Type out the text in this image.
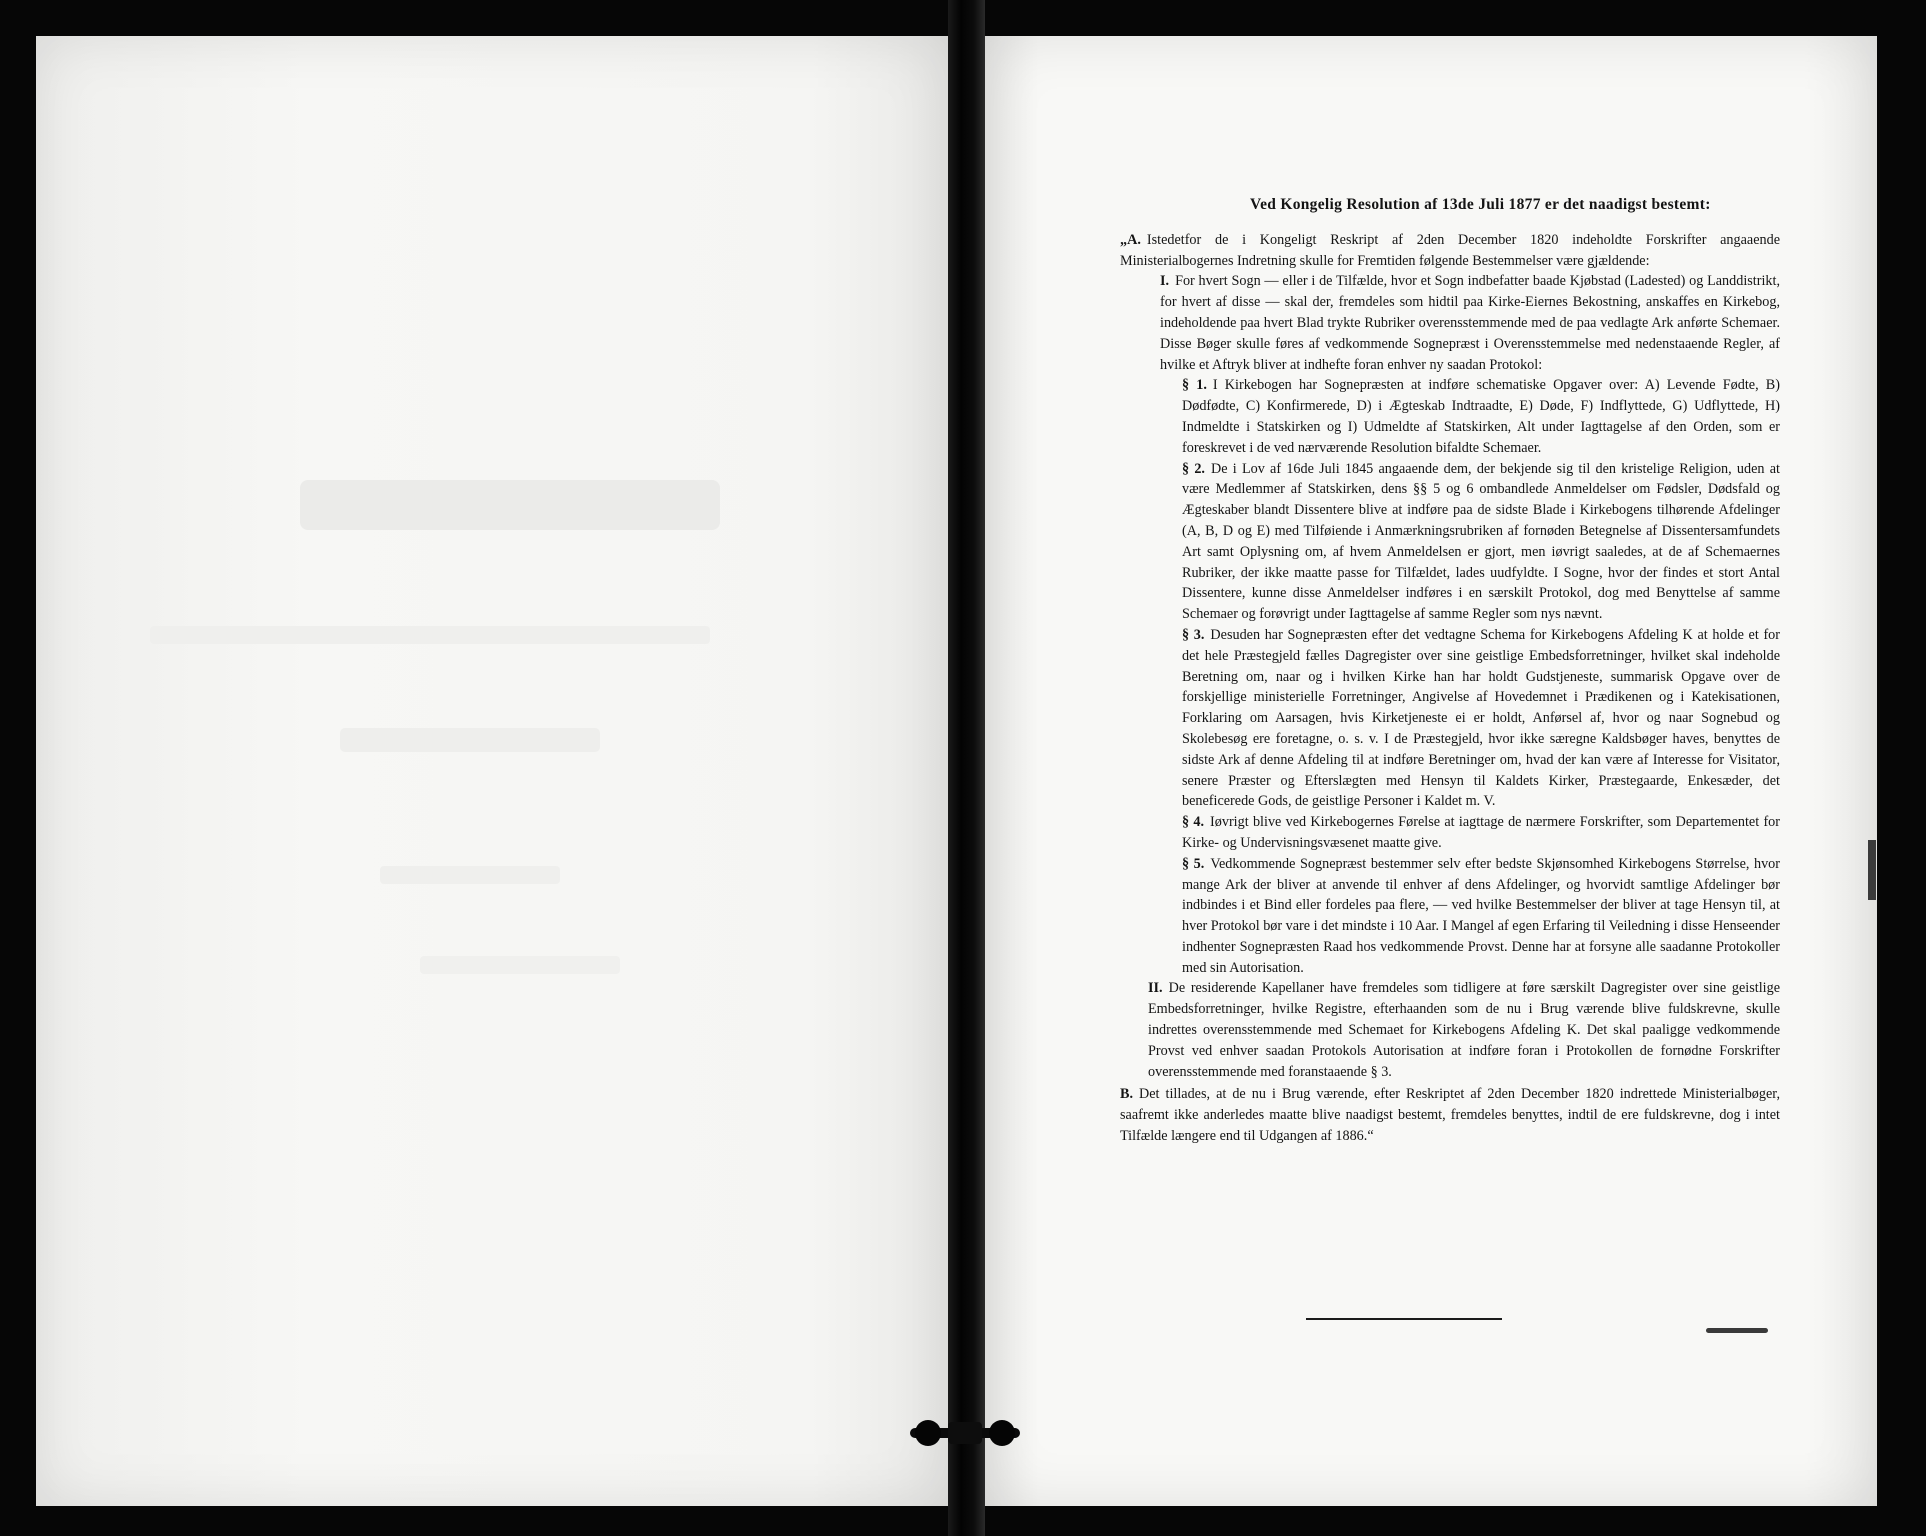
Ved Kongelig Resolution af 13de Juli 1877 er det naadigst bestemt:

„A. Istedetfor de i Kongeligt Reskript af 2den December 1820 indeholdte Forskrifter angaaende Ministerialbogernes Indretning skulle for Fremtiden følgende Bestemmelser være gjældende:

I. For hvert Sogn — eller i de Tilfælde, hvor et Sogn indbefatter baade Kjøbstad (Ladested) og Landdistrikt, for hvert af disse — skal der, fremdeles som hidtil paa Kirke-Eiernes Bekostning, anskaffes en Kirkebog, indeholdende paa hvert Blad trykte Rubriker overensstemmende med de paa vedlagte Ark anførte Schemaer. Disse Bøger skulle føres af vedkommende Sognepræst i Overensstemmelse med nedenstaaende Regler, af hvilke et Aftryk bliver at indhefte foran enhver ny saadan Protokol:

§ 1. I Kirkebogen har Sognepræsten at indføre schematiske Opgaver over: A) Levende Fødte, B) Dødfødte, C) Konfirmerede, D) i Ægteskab Indtraadte, E) Døde, F) Indflyttede, G) Udflyttede, H) Indmeldte i Statskirken og I) Udmeldte af Statskirken, Alt under Iagttagelse af den Orden, som er foreskrevet i de ved nærværende Resolution bifaldte Schemaer.

§ 2. De i Lov af 16de Juli 1845 angaaende dem, der bekjende sig til den kristelige Religion, uden at være Medlemmer af Statskirken, dens §§ 5 og 6 ombandlede Anmeldelser om Fødsler, Dødsfald og Ægteskaber blandt Dissentere blive at indføre paa de sidste Blade i Kirkebogens tilhørende Afdelinger (A, B, D og E) med Tilføiende i Anmærkningsrubriken af fornøden Betegnelse af Dissentersamfundets Art samt Oplysning om, af hvem Anmeldelsen er gjort, men iøvrigt saaledes, at de af Schemaernes Rubriker, der ikke maatte passe for Tilfældet, lades uudfyldte. I Sogne, hvor der findes et stort Antal Dissentere, kunne disse Anmeldelser indføres i en særskilt Protokol, dog med Benyttelse af samme Schemaer og forøvrigt under Iagttagelse af samme Regler som nys nævnt.

§ 3. Desuden har Sognepræsten efter det vedtagne Schema for Kirkebogens Afdeling K at holde et for det hele Præstegjeld fælles Dagregister over sine geistlige Embedsforretninger, hvilket skal indeholde Beretning om, naar og i hvilken Kirke han har holdt Gudstjeneste, summarisk Opgave over de forskjellige ministerielle Forretninger, Angivelse af Hovedemnet i Prædikenen og i Katekisationen, Forklaring om Aarsagen, hvis Kirketjeneste ei er holdt, Anførsel af, hvor og naar Sognebud og Skolebesøg ere foretagne, o. s. v. I de Præstegjeld, hvor ikke særegne Kaldsbøger haves, benyttes de sidste Ark af denne Afdeling til at indføre Beretninger om, hvad der kan være af Interesse for Visitator, senere Præster og Efterslægten med Hensyn til Kaldets Kirker, Præstegaarde, Enkesæder, det beneficerede Gods, de geistlige Personer i Kaldet m. V.

§ 4. Iøvrigt blive ved Kirkebogernes Førelse at iagttage de nærmere Forskrifter, som Departementet for Kirke- og Undervisningsvæsenet maatte give.

§ 5. Vedkommende Sognepræst bestemmer selv efter bedste Skjønsomhed Kirkebogens Størrelse, hvor mange Ark der bliver at anvende til enhver af dens Afdelinger, og hvorvidt samtlige Afdelinger bør indbindes i et Bind eller fordeles paa flere, — ved hvilke Bestemmelser der bliver at tage Hensyn til, at hver Protokol bør vare i det mindste i 10 Aar. I Mangel af egen Erfaring til Veiledning i disse Henseender indhenter Sognepræsten Raad hos vedkommende Provst. Denne har at forsyne alle saadanne Protokoller med sin Autorisation.

II. De residerende Kapellaner have fremdeles som tidligere at føre særskilt Dagregister over sine geistlige Embedsforretninger, hvilke Registre, efterhaanden som de nu i Brug værende blive fuldskrevne, skulle indrettes overensstemmende med Schemaet for Kirkebogens Afdeling K. Det skal paaligge vedkommende Provst ved enhver saadan Protokols Autorisation at indføre foran i Protokollen de fornødne Forskrifter overensstemmende med foranstaaende § 3.

B. Det tillades, at de nu i Brug værende, efter Reskriptet af 2den December 1820 indrettede Ministerialbøger, saafremt ikke anderledes maatte blive naadigst bestemt, fremdeles benyttes, indtil de ere fuldskrevne, dog i intet Tilfælde længere end til Udgangen af 1886.“
